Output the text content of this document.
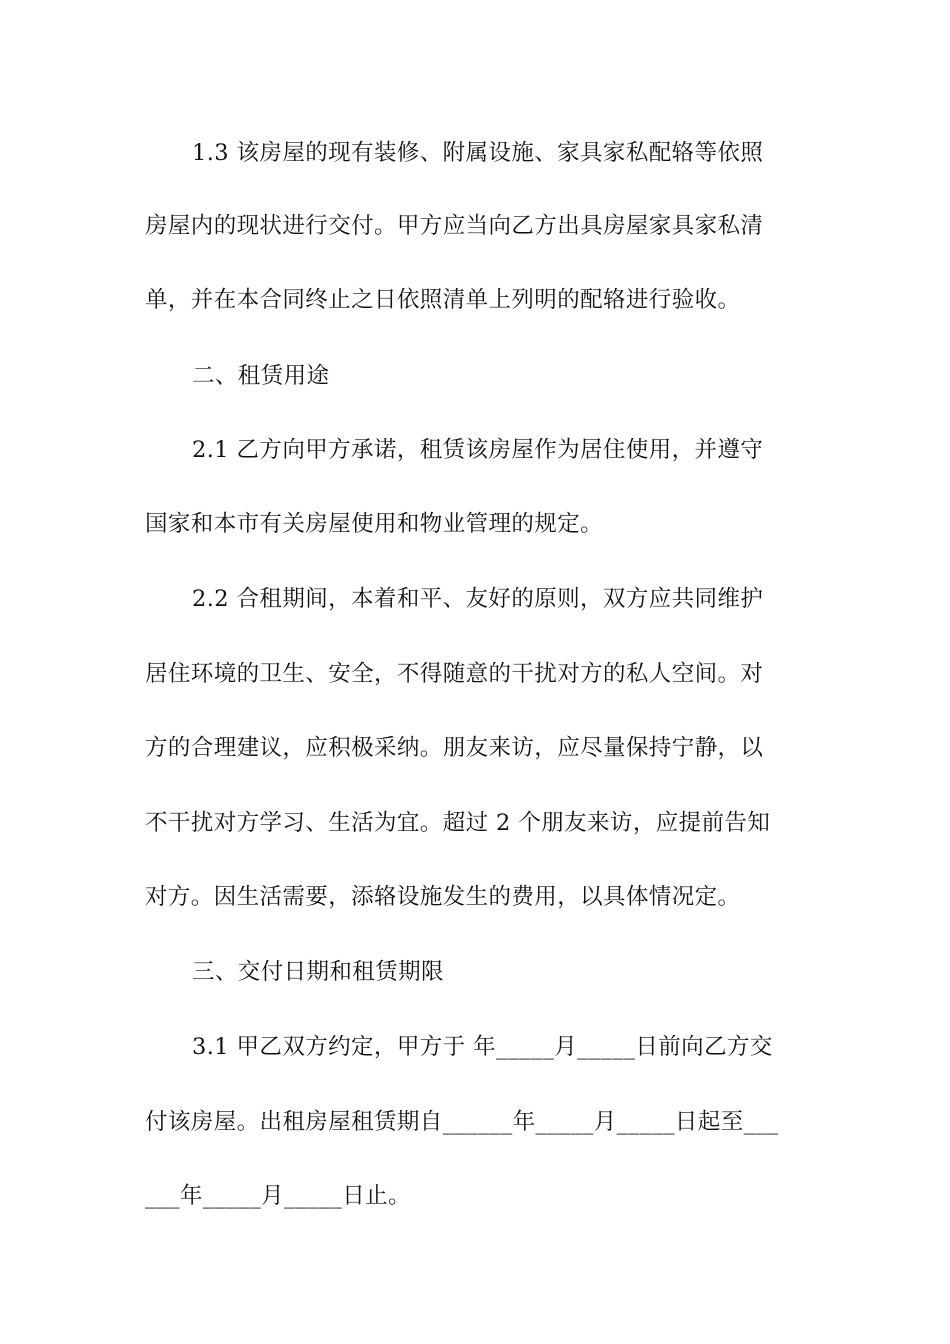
1.3 该房屋的现有装修、附属设施、家具家私配辂等依照
房屋内的现状进行交付。甲方应当向乙方出具房屋家具家私清
单，并在本合同终止之日依照清单上列明的配辂进行验收。
二、租赁用途
2.1 乙方向甲方承诺，租赁该房屋作为居住使用，并遵守
国家和本市有关房屋使用和物业管理的规定。
2.2 合租期间，本着和平、友好的原则，双方应共同维护
居住环境的卫生、安全，不得随意的干扰对方的私人空间。对
方的合理建议，应积极采纳。朋友来访，应尽量保持宁静，以
不干扰对方学习、生活为宜。超过 2 个朋友来访，应提前告知
对方。因生活需要，添辂设施发生的费用，以具体情况定。
三、交付日期和租赁期限
3.1 甲乙双方约定，甲方于 年_____月_____日前向乙方交
付该房屋。出租房屋租赁期自______年_____月_____日起至___
___年_____月_____日止。
